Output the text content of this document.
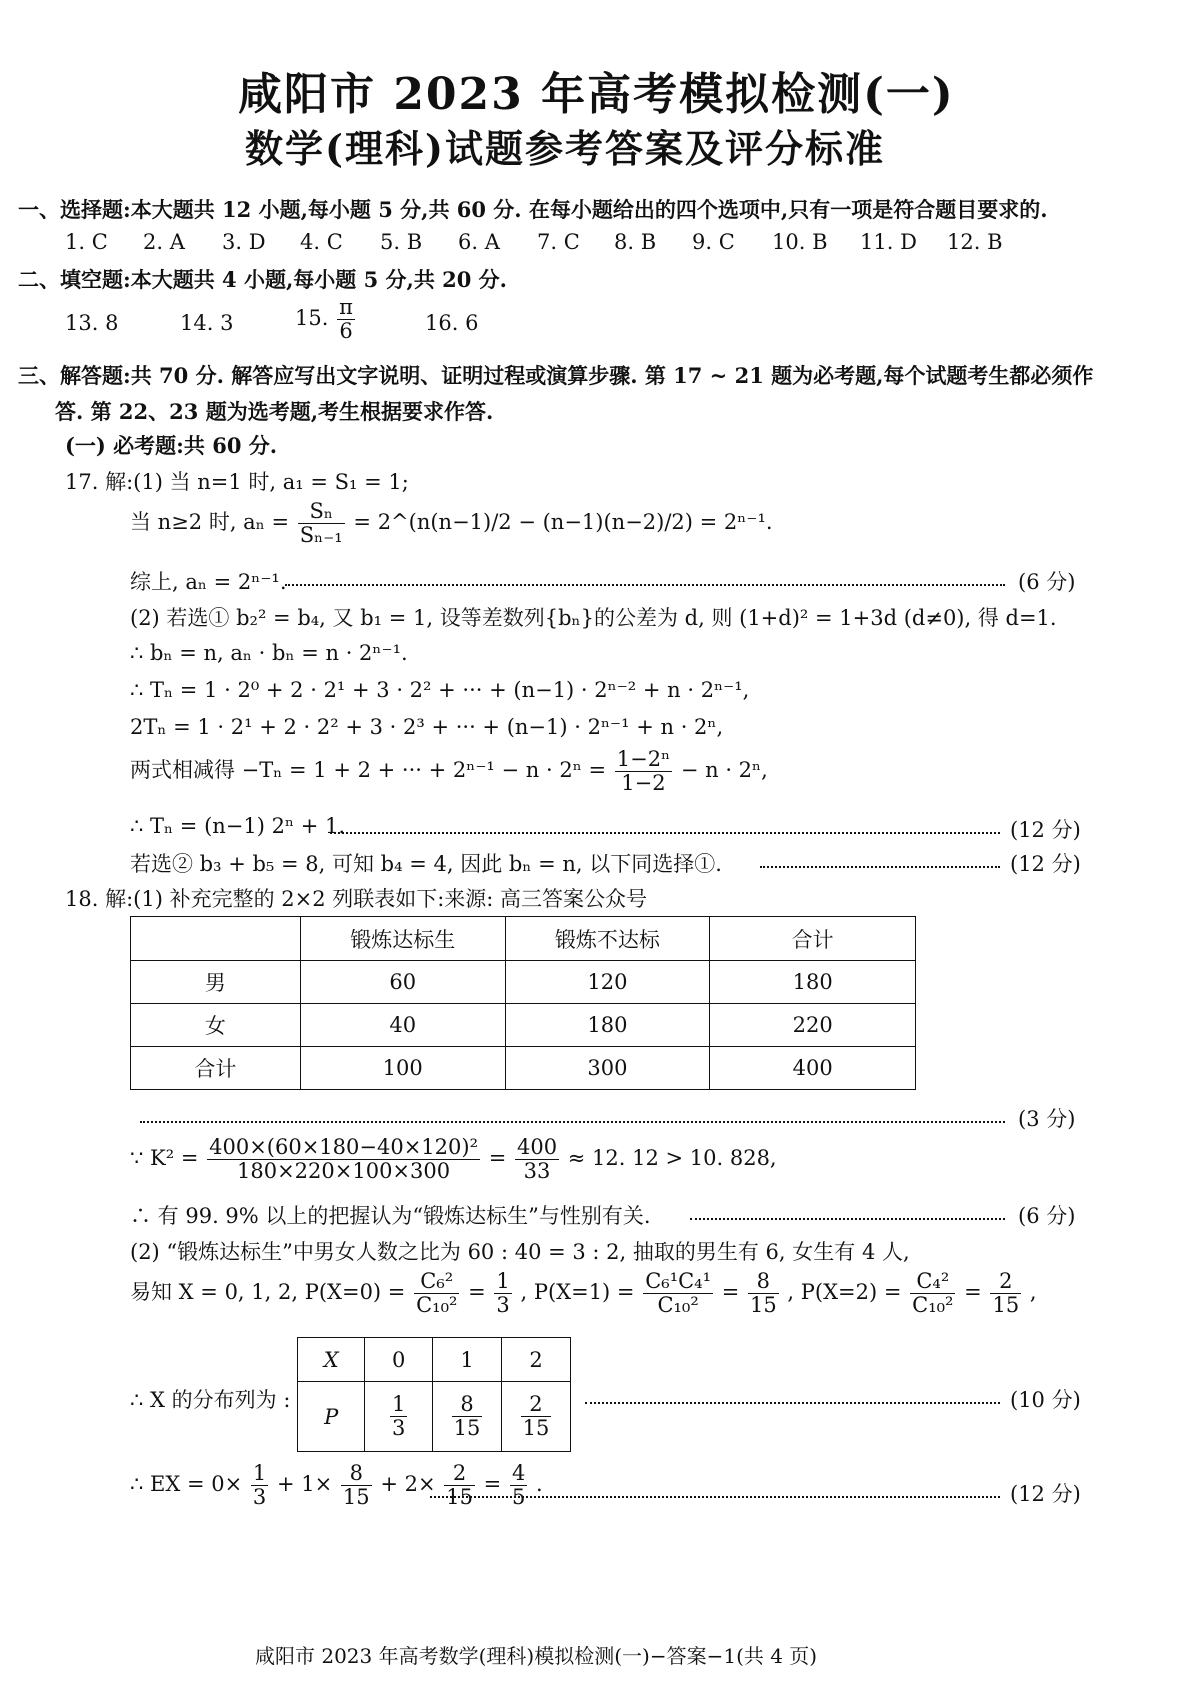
咸阳市 2023 年高考模拟检测(一)
数学(理科)试题参考答案及评分标准
一、选择题:本大题共 12 小题,每小题 5 分,共 60 分. 在每小题给出的四个选项中,只有一项是符合题目要求的.
1. C 2. A 3. D 4. C 5. B 6. A 7. C 8. B 9. C 10. B 11. D 12. B
二、填空题:本大题共 4 小题,每小题 5 分,共 20 分.
13. 8	14. 3	15. $\frac{\pi}{6}$	16. 6
三、解答题:共 70 分. 解答应写出文字说明、证明过程或演算步骤. 第 17 ~ 21 题为必考题,每个试题考生都必须作
答. 第 22、23 题为选考题,考生根据要求作答.
(一) 必考题:共 60 分.
17. 解:(1) 当 n=1 时, a₁ = S₁ = 1;
当 n≥2 时, $a_n = \frac{\text{Sₙ}}{\text{Sₙ₋₁}}$ = 2^(n(n−1)/2 − (n−1)(n−2)/2) = 2ⁿ⁻¹.
综上, aₙ = 2ⁿ⁻¹.	(6 分)
(2) 若选① b₂² = b₄, 又 b₁ = 1, 设等差数列{bₙ}的公差为 d, 则 (1+d)² = 1+3d (d≠0), 得 d=1.
∴ bₙ = n, aₙ · bₙ = n · 2ⁿ⁻¹.
∴ Tₙ = 1 · 2⁰ + 2 · 2¹ + 3 · 2² + ··· + (n−1) · 2ⁿ⁻² + n · 2ⁿ⁻¹,
2Tₙ = 1 · 2¹ + 2 · 2² + 3 · 2³ + ··· + (n−1) · 2ⁿ⁻¹ + n · 2ⁿ,
两式相减得 −Tₙ = 1 + 2 + ··· + $2^{n-1} - n \cdot 2^n = \frac{\text{1−2ⁿ}}{1-2} - n \cdot 2^n$,
∴ Tₙ = (n−1) 2ⁿ + 1.	(12 分)
若选② b₃ + b₅ = 8, 可知 b₄ = 4, 因此 bₙ = n, 以下同选择①.	(12 分)
18. 解:(1) 补充完整的 2×2 列联表如下:来源: 高三答案公众号
	锻炼达标生	锻炼不达标	合计
男	60	120	180
女	40	180	220
合计	100	300	400
(3 分)
∵ $K^2 = \frac{\text{400×(60×180−40×120)²}}{180\times 220\times 100\times 300} = \frac{400}{33} \approx 12$. 12 > 10. 828,
∴ 有 99. 9% 以上的把握认为“锻炼达标生”与性别有关.	(6 分)
(2) “锻炼达标生”中男女人数之比为 60 : 40 = 3 : 2, 抽取的男生有 6, 女生有 4 人,
易知 X = 0, 1, 2, $P(X=0) = \frac{\text{C₆²}}{\text{C₁₀²}} = \frac{1}{3}$ , $P(X=1) = \frac{\text{C₆¹C₄¹}}{\text{C₁₀²}} = \frac{8}{15}$ , $P(X=2) = \frac{\text{C₄²}}{\text{C₁₀²}} = \frac{2}{15}$ ,
∴ X 的分布列为 :
X	0	1	2
P	$\frac{1}{3}$	$\frac{8}{15}$	$\frac{2}{15}$	(10 分)
∴ EX = $0\times \frac{1}{3} + 1\times \frac{8}{15} + 2\times \frac{2}{15} = \frac{4}{5}$ .	(12 分)
咸阳市 2023 年高考数学(理科)模拟检测(一)−答案−1(共 4 页)
